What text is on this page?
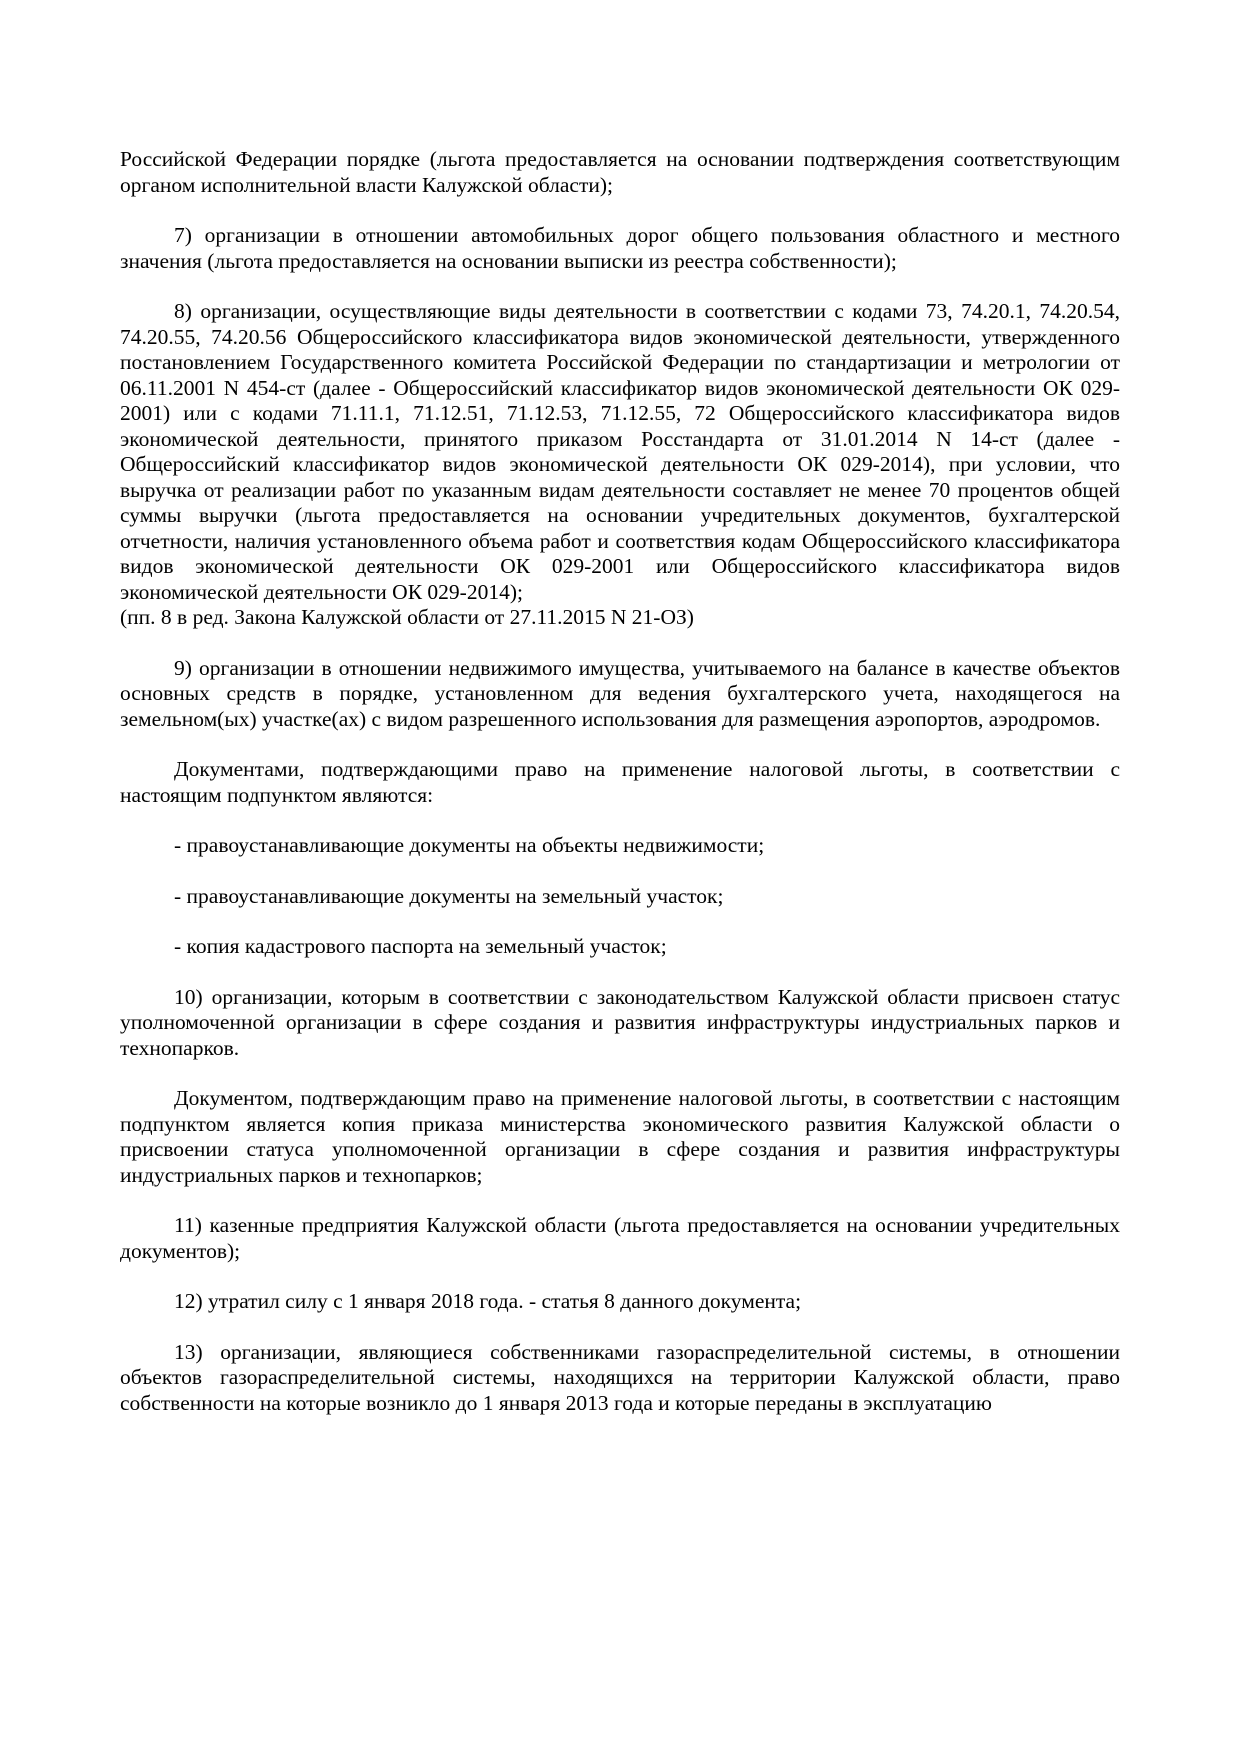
Российской Федерации порядке (льгота предоставляется на основании подтверждения соответствующим органом исполнительной власти Калужской области);

7) организации в отношении автомобильных дорог общего пользования областного и местного значения (льгота предоставляется на основании выписки из реестра собственности);

8) организации, осуществляющие виды деятельности в соответствии с кодами 73, 74.20.1, 74.20.54, 74.20.55, 74.20.56 Общероссийского классификатора видов экономической деятельности, утвержденного постановлением Государственного комитета Российской Федерации по стандартизации и метрологии от 06.11.2001 N 454-ст (далее - Общероссийский классификатор видов экономической деятельности ОК 029-2001) или с кодами 71.11.1, 71.12.51, 71.12.53, 71.12.55, 72 Общероссийского классификатора видов экономической деятельности, принятого приказом Росстандарта от 31.01.2014 N 14-ст (далее - Общероссийский классификатор видов экономической деятельности ОК 029-2014), при условии, что выручка от реализации работ по указанным видам деятельности составляет не менее 70 процентов общей суммы выручки (льгота предоставляется на основании учредительных документов, бухгалтерской отчетности, наличия установленного объема работ и соответствия кодам Общероссийского классификатора видов экономической деятельности ОК 029-2001 или Общероссийского классификатора видов экономической деятельности ОК 029-2014);

(пп. 8 в ред. Закона Калужской области от 27.11.2015 N 21-ОЗ)

9) организации в отношении недвижимого имущества, учитываемого на балансе в качестве объектов основных средств в порядке, установленном для ведения бухгалтерского учета, находящегося на земельном(ых) участке(ах) с видом разрешенного использования для размещения аэропортов, аэродромов.

Документами, подтверждающими право на применение налоговой льготы, в соответствии с настоящим подпунктом являются:

- правоустанавливающие документы на объекты недвижимости;

- правоустанавливающие документы на земельный участок;

- копия кадастрового паспорта на земельный участок;

10) организации, которым в соответствии с законодательством Калужской области присвоен статус уполномоченной организации в сфере создания и развития инфраструктуры индустриальных парков и технопарков.

Документом, подтверждающим право на применение налоговой льготы, в соответствии с настоящим подпунктом является копия приказа министерства экономического развития Калужской области о присвоении статуса уполномоченной организации в сфере создания и развития инфраструктуры индустриальных парков и технопарков;

11) казенные предприятия Калужской области (льгота предоставляется на основании учредительных документов);

12) утратил силу с 1 января 2018 года. - статья 8 данного документа;

13) организации, являющиеся собственниками газораспределительной системы, в отношении объектов газораспределительной системы, находящихся на территории Калужской области, право собственности на которые возникло до 1 января 2013 года и которые переданы в эксплуатацию
